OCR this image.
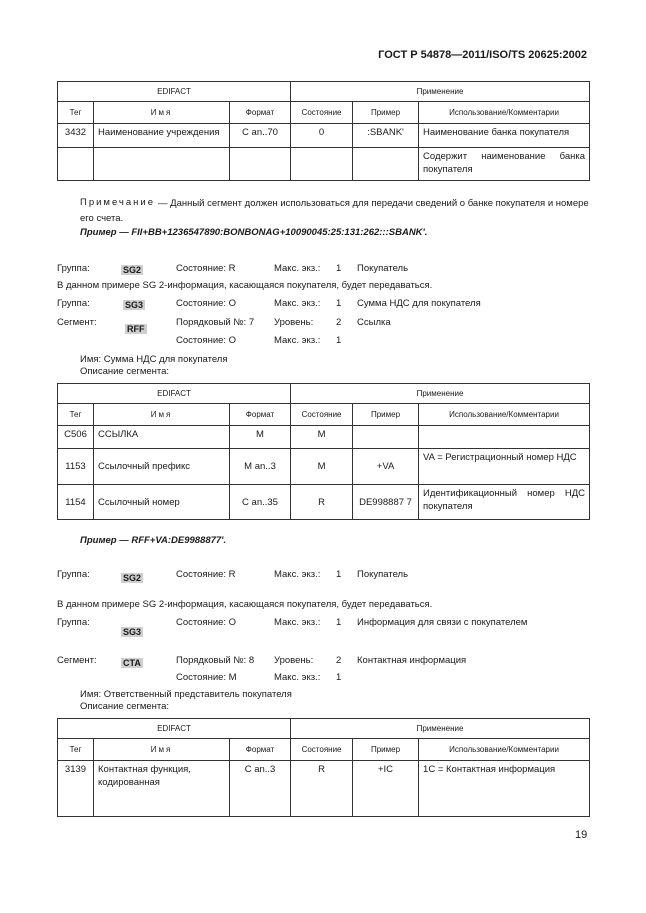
ГОСТ Р 54878—2011/ISO/TS 20625:2002
EDIFACT			Применение		
Тег	Имя	Формат	Состояние	Пример	Использование/Комментарии
3432	Наименование учреждения	C an..70	0	:SBANK'	Наименование банка покупателя
					Содержит наименование банка покупателя
Примечание — Данный сегмент должен использоваться для передачи сведений о банке покупателя и номере его счета.
Пример — FII+BB+1236547890:BONBONAG+10090045:25:131:262:::SBANK'.
Группа:	SG2	Состояние: R	Макс. экз.: 1 Покупатель
В данном примере SG 2-информация, касающаяся покупателя, будет передаваться.
Группа:	SG3	Состояние: О	Макс. экз.: 1 Сумма НДС для покупателя
Сегмент:
RFF
Порядковый №: 7 Уровень: 2 Ссылка
Состояние: О	Макс. экз.: 1
Имя: Сумма НДС для покупателя
Описание сегмента:
EDIFACT			Применение		
Тег	Имя	Формат	Состояние	Пример	Использование/Комментарии
C506	ССЫЛКА	M	M		
1153	Ссылочный префикс	M an..3	M	+VA	VA = Регистрационный номер НДС
1154	Ссылочный номер	C an..35	R	DE998887 7	Идентификационный номер НДС покупателя
Пример — RFF+VA:DE9988877'.
Группа:	SG2	Состояние: R	Макс. экз.: 1 Покупатель
В данном примере SG 2-информация, касающаяся покупателя, будет передаваться.
Группа:
SG3
Состояние: О	Макс. экз.: 1 Информация для связи с покупателем
Сегмент:	CTA	Порядковый №: 8 Уровень: 2 Контактная информация
Состояние: M	Макс. экз.: 1
Имя: Ответственный представитель покупателя
Описание сегмента:
EDIFACT			Применение		
Тег	Имя	Формат	Состояние	Пример	Использование/Комментарии
3139	Контактная функция, кодированная	C an..3	R	+IC	1C = Контактная информация
19
